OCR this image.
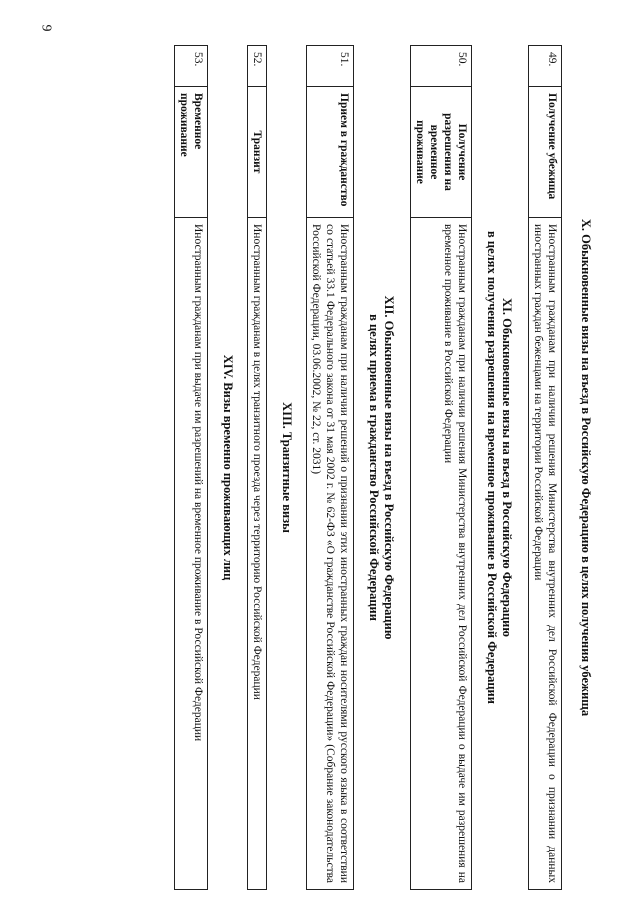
9
X. Обыкновенные визы на въезд в Российскую Федерацию в целях получения убежища
49.	Получение убежища	Иностранным гражданам при наличии решения Министерства внутренних дел Российской Федерации о признании данных иностранных граждан беженцами на территории Российской Федерации
XI. Обыкновенные визы на въезд в Российскую Федерацию
в целях получения разрешения на временное проживание в Российской Федерации
50.	Получение разрешения на временное проживание	Иностранным гражданам при наличии решения Министерства внутренних дел Российской Федерации о выдаче им разрешения на временное проживание в Российской Федерации
XII. Обыкновенные визы на въезд в Российскую Федерацию
в целях приема в гражданство Российской Федерации
51.	Прием в гражданство	Иностранным гражданам при наличии решений о признании этих иностранных граждан носителями русского языка в соответствии со статьей 33.1 Федерального закона от 31 мая 2002 г. № 62-ФЗ «О гражданстве Российской Федерации» (Собрание законодательства Российской Федерации, 03.06.2002, № 22, ст. 2031)
XIII. Транзитные визы
52.	Транзит	Иностранным гражданам в целях транзитного проезда через территорию Российской Федерации
XIV. Визы временно проживающих лиц
53.	Временное проживание	Иностранным гражданам при выдаче им разрешений на временное проживание в Российской Федерации
